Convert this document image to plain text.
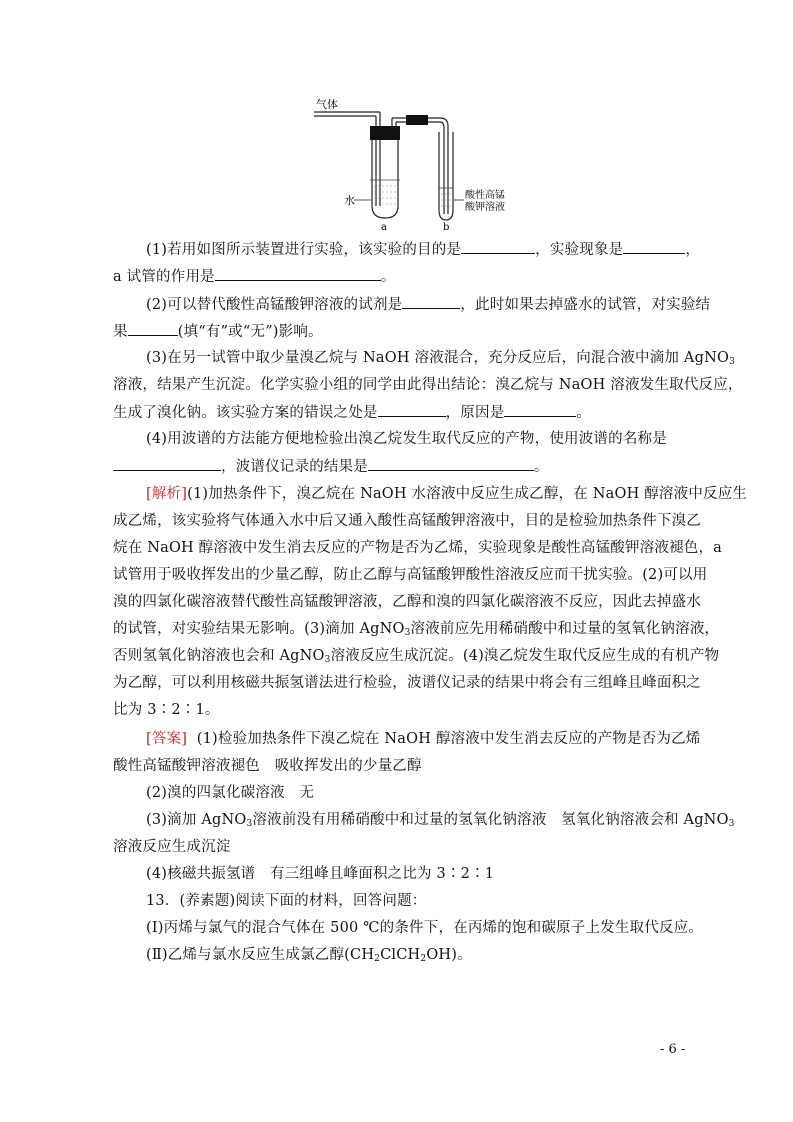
气体
水
a
酸性高锰
酸钾溶液
b
(1)若用如图所示装置进行实验，该实验的目的是	，实验现象是	，
a 试管的作用是	。
(2)可以替代酸性高锰酸钾溶液的试剂是	，此时如果去掉盛水的试管，对实验结
果	(填“有”或“无”)影响。
(3)在另一试管中取少量溴乙烷与 NaOH 溶液混合，充分反应后，向混合液中滴加 AgNO$_3$
溶液，结果产生沉淀。化学实验小组的同学由此得出结论：溴乙烷与 NaOH 溶液发生取代反应，
生成了溴化钠。该实验方案的错误之处是	，原因是	。
(4)用波谱的方法能方便地检验出溴乙烷发生取代反应的产物，使用波谱的名称是
，波谱仪记录的结果是	。
[解析](1)加热条件下，溴乙烷在 NaOH 水溶液中反应生成乙醇，在 NaOH 醇溶液中反应生
成乙烯，该实验将气体通入水中后又通入酸性高锰酸钾溶液中，目的是检验加热条件下溴乙
烷在 NaOH 醇溶液中发生消去反应的产物是否为乙烯，实验现象是酸性高锰酸钾溶液褪色，a
试管用于吸收挥发出的少量乙醇，防止乙醇与高锰酸钾酸性溶液反应而干扰实验。(2)可以用
溴的四氯化碳溶液替代酸性高锰酸钾溶液，乙醇和溴的四氯化碳溶液不反应，因此去掉盛水
的试管，对实验结果无影响。(3)滴加 AgNO$_3$溶液前应先用稀硝酸中和过量的氢氧化钠溶液，
否则氢氧化钠溶液也会和 AgNO$_3$溶液反应生成沉淀。(4)溴乙烷发生取代反应生成的有机产物
为乙醇，可以利用核磁共振氢谱法进行检验，波谱仪记录的结果中将会有三组峰且峰面积之
比为 3∶2∶1。
[答案] (1)检验加热条件下溴乙烷在 NaOH 醇溶液中发生消去反应的产物是否为乙烯
酸性高锰酸钾溶液褪色　吸收挥发出的少量乙醇
(2)溴的四氯化碳溶液　无
(3)滴加 AgNO$_3$溶液前没有用稀硝酸中和过量的氢氧化钠溶液　氢氧化钠溶液会和 AgNO$_3$
溶液反应生成沉淀
(4)核磁共振氢谱　有三组峰且峰面积之比为 3∶2∶1
13．(养素题)阅读下面的材料，回答问题：
(Ⅰ)丙烯与氯气的混合气体在 500 ℃的条件下，在丙烯的饱和碳原子上发生取代反应。
(Ⅱ)乙烯与氯水反应生成氯乙醇$(CH_2ClCH_2OH)$。
- 6 -
